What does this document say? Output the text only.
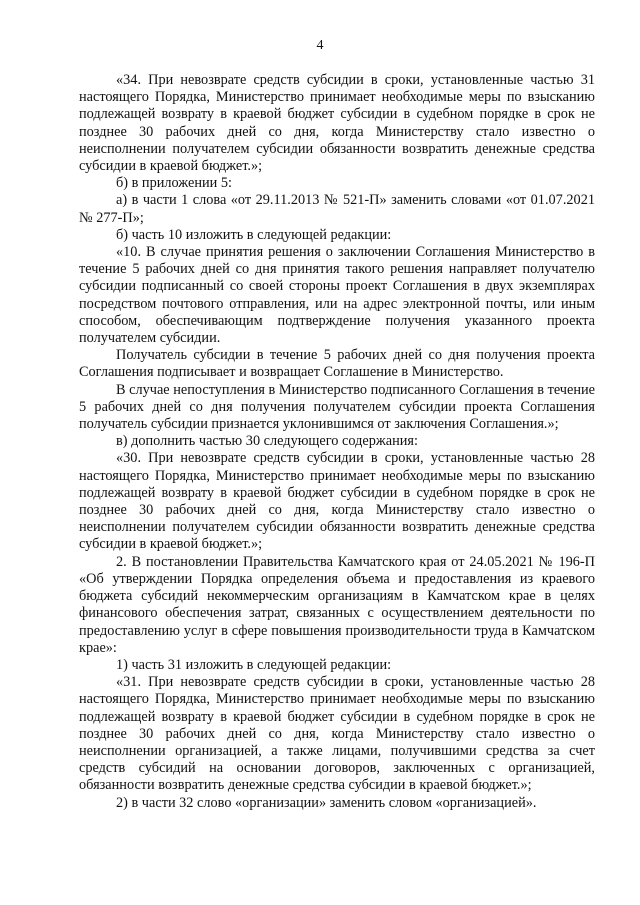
4

«34. При невозврате средств субсидии в сроки, установленные частью 31 настоящего Порядка, Министерство принимает необходимые меры по взысканию подлежащей возврату в краевой бюджет субсидии в судебном порядке в срок не позднее 30 рабочих дней со дня, когда Министерству стало известно о неисполнении получателем субсидии обязанности возвратить денежные средства субсидии в краевой бюджет.»;

б) в приложении 5:

а) в части 1 слова «от 29.11.2013 № 521-П» заменить словами «от 01.07.2021 № 277-П»;

б) часть 10 изложить в следующей редакции:

«10. В случае принятия решения о заключении Соглашения Министерство в течение 5 рабочих дней со дня принятия такого решения направляет получателю субсидии подписанный со своей стороны проект Соглашения в двух экземплярах посредством почтового отправления, или на адрес электронной почты, или иным способом, обеспечивающим подтверждение получения указанного проекта получателем субсидии.

Получатель субсидии в течение 5 рабочих дней со дня получения проекта Соглашения подписывает и возвращает Соглашение в Министерство.

В случае непоступления в Министерство подписанного Соглашения в течение 5 рабочих дней со дня получения получателем субсидии проекта Соглашения получатель субсидии признается уклонившимся от заключения Соглашения.»;

в) дополнить частью 30 следующего содержания:

«30. При невозврате средств субсидии в сроки, установленные частью 28 настоящего Порядка, Министерство принимает необходимые меры по взысканию подлежащей возврату в краевой бюджет субсидии в судебном порядке в срок не позднее 30 рабочих дней со дня, когда Министерству стало известно о неисполнении получателем субсидии обязанности возвратить денежные средства субсидии в краевой бюджет.»;

2. В постановлении Правительства Камчатского края от 24.05.2021 № 196-П «Об утверждении Порядка определения объема и предоставления из краевого бюджета субсидий некоммерческим организациям в Камчатском крае в целях финансового обеспечения затрат, связанных с осуществлением деятельности по предоставлению услуг в сфере повышения производительности труда в Камчатском крае»:

1) часть 31 изложить в следующей редакции:

«31. При невозврате средств субсидии в сроки, установленные частью 28 настоящего Порядка, Министерство принимает необходимые меры по взысканию подлежащей возврату в краевой бюджет субсидии в судебном порядке в срок не позднее 30 рабочих дней со дня, когда Министерству стало известно о неисполнении организацией, а также лицами, получившими средства за счет средств субсидий на основании договоров, заключенных с организацией, обязанности возвратить денежные средства субсидии в краевой бюджет.»;

2) в части 32 слово «организации» заменить словом «организацией».
